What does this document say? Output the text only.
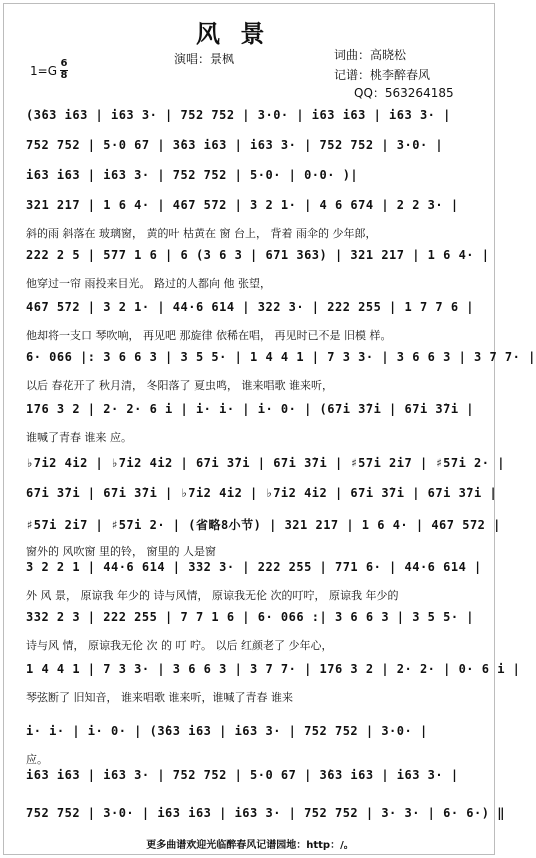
风 景
演唱：景枫	词曲：高晓松
记谱：桃李醉春风
QQ：563264185
1=G
6
8
(3̇63 i63 | i63 3· | 752 752 | 3·0· | i63 i63 | i63 3· |
752 752 | 5·0 67 | 3̇63 i63 | i63 3· | 752 752 | 3·0· |
i63 i63 | i63 3· | 752 752 | 5·0· | 0·0· )|
321 217 | 1 6 4· | 467 572 | 3 2 1· | 4 6 674 | 2 2 3· |
斜的雨 斜落在 玻璃窗， 黄的叶 枯黄在 窗 台上， 背着 雨伞的 少年郎，
222 2 5 | 577 1 6 | 6 (3 6 3 | 671 363) | 321 217 | 1 6 4· |
他穿过一帘 雨投来目光。 路过的人都向 他 张望，
467 572 | 3 2 1· | 44·6 614 | 322 3· | 222 255 | 1 7 7 6 |
他却将一支口 琴吹响， 再见吧 那旋律 依稀在唱， 再见时已不是 旧模 样。
6· 066 |: 3 6 6 3 | 3 5 5· | 1 4 4 1 | 7 3 3· | 3 6 6 3 | 3 7 7· |
以后 春花开了 秋月清， 冬阳落了 夏虫鸣， 谁来唱歌 谁来听，
176 3 2 | 2· 2· 6 i | i· i· | i· 0· | (67i 3̇7i | 67i 3̇7i |
谁喊了青春 谁来 应。
♭7i2 4i2 | ♭7i2 4i2 | 67i 3̇7i | 67i 3̇7i | ♯57i 2i7 | ♯57i 2· |
67i 3̇7i | 67i 3̇7i | ♭7i2 4i2 | ♭7i2 4i2 | 67i 3̇7i | 67i 3̇7i |
♯57i 2i7 | ♯57i 2· | (省略8小节) | 321 217 | 1 6 4· | 467 572 |
窗外的 风吹窗 里的铃， 窗里的 人是窗
3 2 2 1 | 44·6 614 | 332 3· | 222 255 | 771 6· | 44·6 614 |
外 风 景， 原谅我 年少的 诗与风情， 原谅我无伦 次的叮咛， 原谅我 年少的
332 2 3 | 222 255 | 7 7 1 6 | 6· 066 :| 3 6 6 3 | 3 5 5· |
诗与风 情， 原谅我无伦 次 的 叮 咛。 以后 红颜老了 少年心，
1 4 4 1 | 7 3 3· | 3 6 6 3 | 3 7 7· | 176 3 2 | 2· 2· | 0· 6 i |
琴弦断了 旧知音， 谁来唱歌 谁来听，谁喊了青春 谁来
i· i· | i· 0· | (3̇63 i63 | i63 3· | 752 752 | 3·0· |
应。
i63 i63 | i63 3· | 752 752 | 5·0 67 | 3̇63 i63 | i63 3· |
752 752 | 3·0· | i63 i63 | i63 3· | 752 752 | 3· 3· | 6· 6·) ‖
更多曲谱欢迎光临醉春风记谱园地：http：/。
